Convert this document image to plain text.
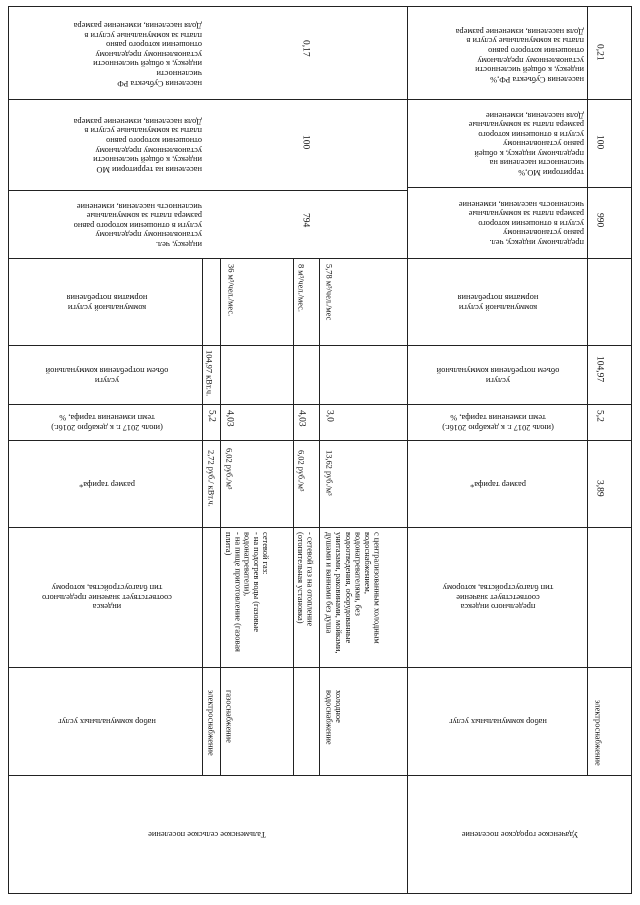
населения Субъекта РФ
численности
индексу, к общей численности
установленному предельному
отношении которого равно
платы за коммунальные услуги в
Доля населения, изменение размера
населения на территории МО
индексу, к общей численности
установленному предельному
отношении которого равно
платы за коммунальные услуги в
Доля населения, изменение размера
индексу, чел.
установленному предельному
услуги в отношении которого равно
размера платы за коммунальные
численность населения, изменение
коммунальной услуги
норматив потребления
услуги
объем потребления коммунальной
(июль 2017 г. к декабрю 2016г.)
темп изменения тарифа, %
размер тарифа*
индекса
соответствует значение предельного
тип благоустройства, которому
набор коммунальных услуг
0,17
100
794
электроснабжение
2,72 руб./ кВт.ч.
5,2
104,97 кВт.ч.
газоснабжение
сетевой газ:
- на подогрев воды (газовые водонагреватели),
- на пище приготовление (газовая плита)
6,02 руб./м³
4,03
36 м³/чел./мес.
- сетевой газ на отопление (отопительная установка)
6,02 руб./м³
4,03
8 м³/чел./мес.
холодное водоснабжение
с централизованным холодным водоснабжением, водонагревателями, без водоотведения, оборудованные унитазами, раковинами, мойками, душами и ваннами без душа
13,62 руб./м³
3,0
5,78 м³/чел./мес
Тальменское сельское поселение
населения Субъекта РФ,%
индексу, к общей численности
установленному предельному
отношении которого равно
платы за коммунальные услуги в
Доля населения, изменение размера
территории МО,%
численности населения на
предельному индексу, к общей
равно установленному
услуги в отношении которого
размера платы за коммунальные
Доля населения, изменение
предельному индексу, чел.
равно установленному
услуги в отношении которого
размера платы за коммунальные
численность населения, изменение
коммунальной услуги
норматив потребления
услуги
объем потребления коммунальной
(июль 2017 г. к декабрю 2016г.)
темп изменения тарифа, %
размер тарифа*
предельного индекса
соответствует значение
тип благоустройства, которому
набор коммунальных услуг
0,21
100
990
104,97
5,2
3,89
электроснабжение
Удаченское городское поселение
